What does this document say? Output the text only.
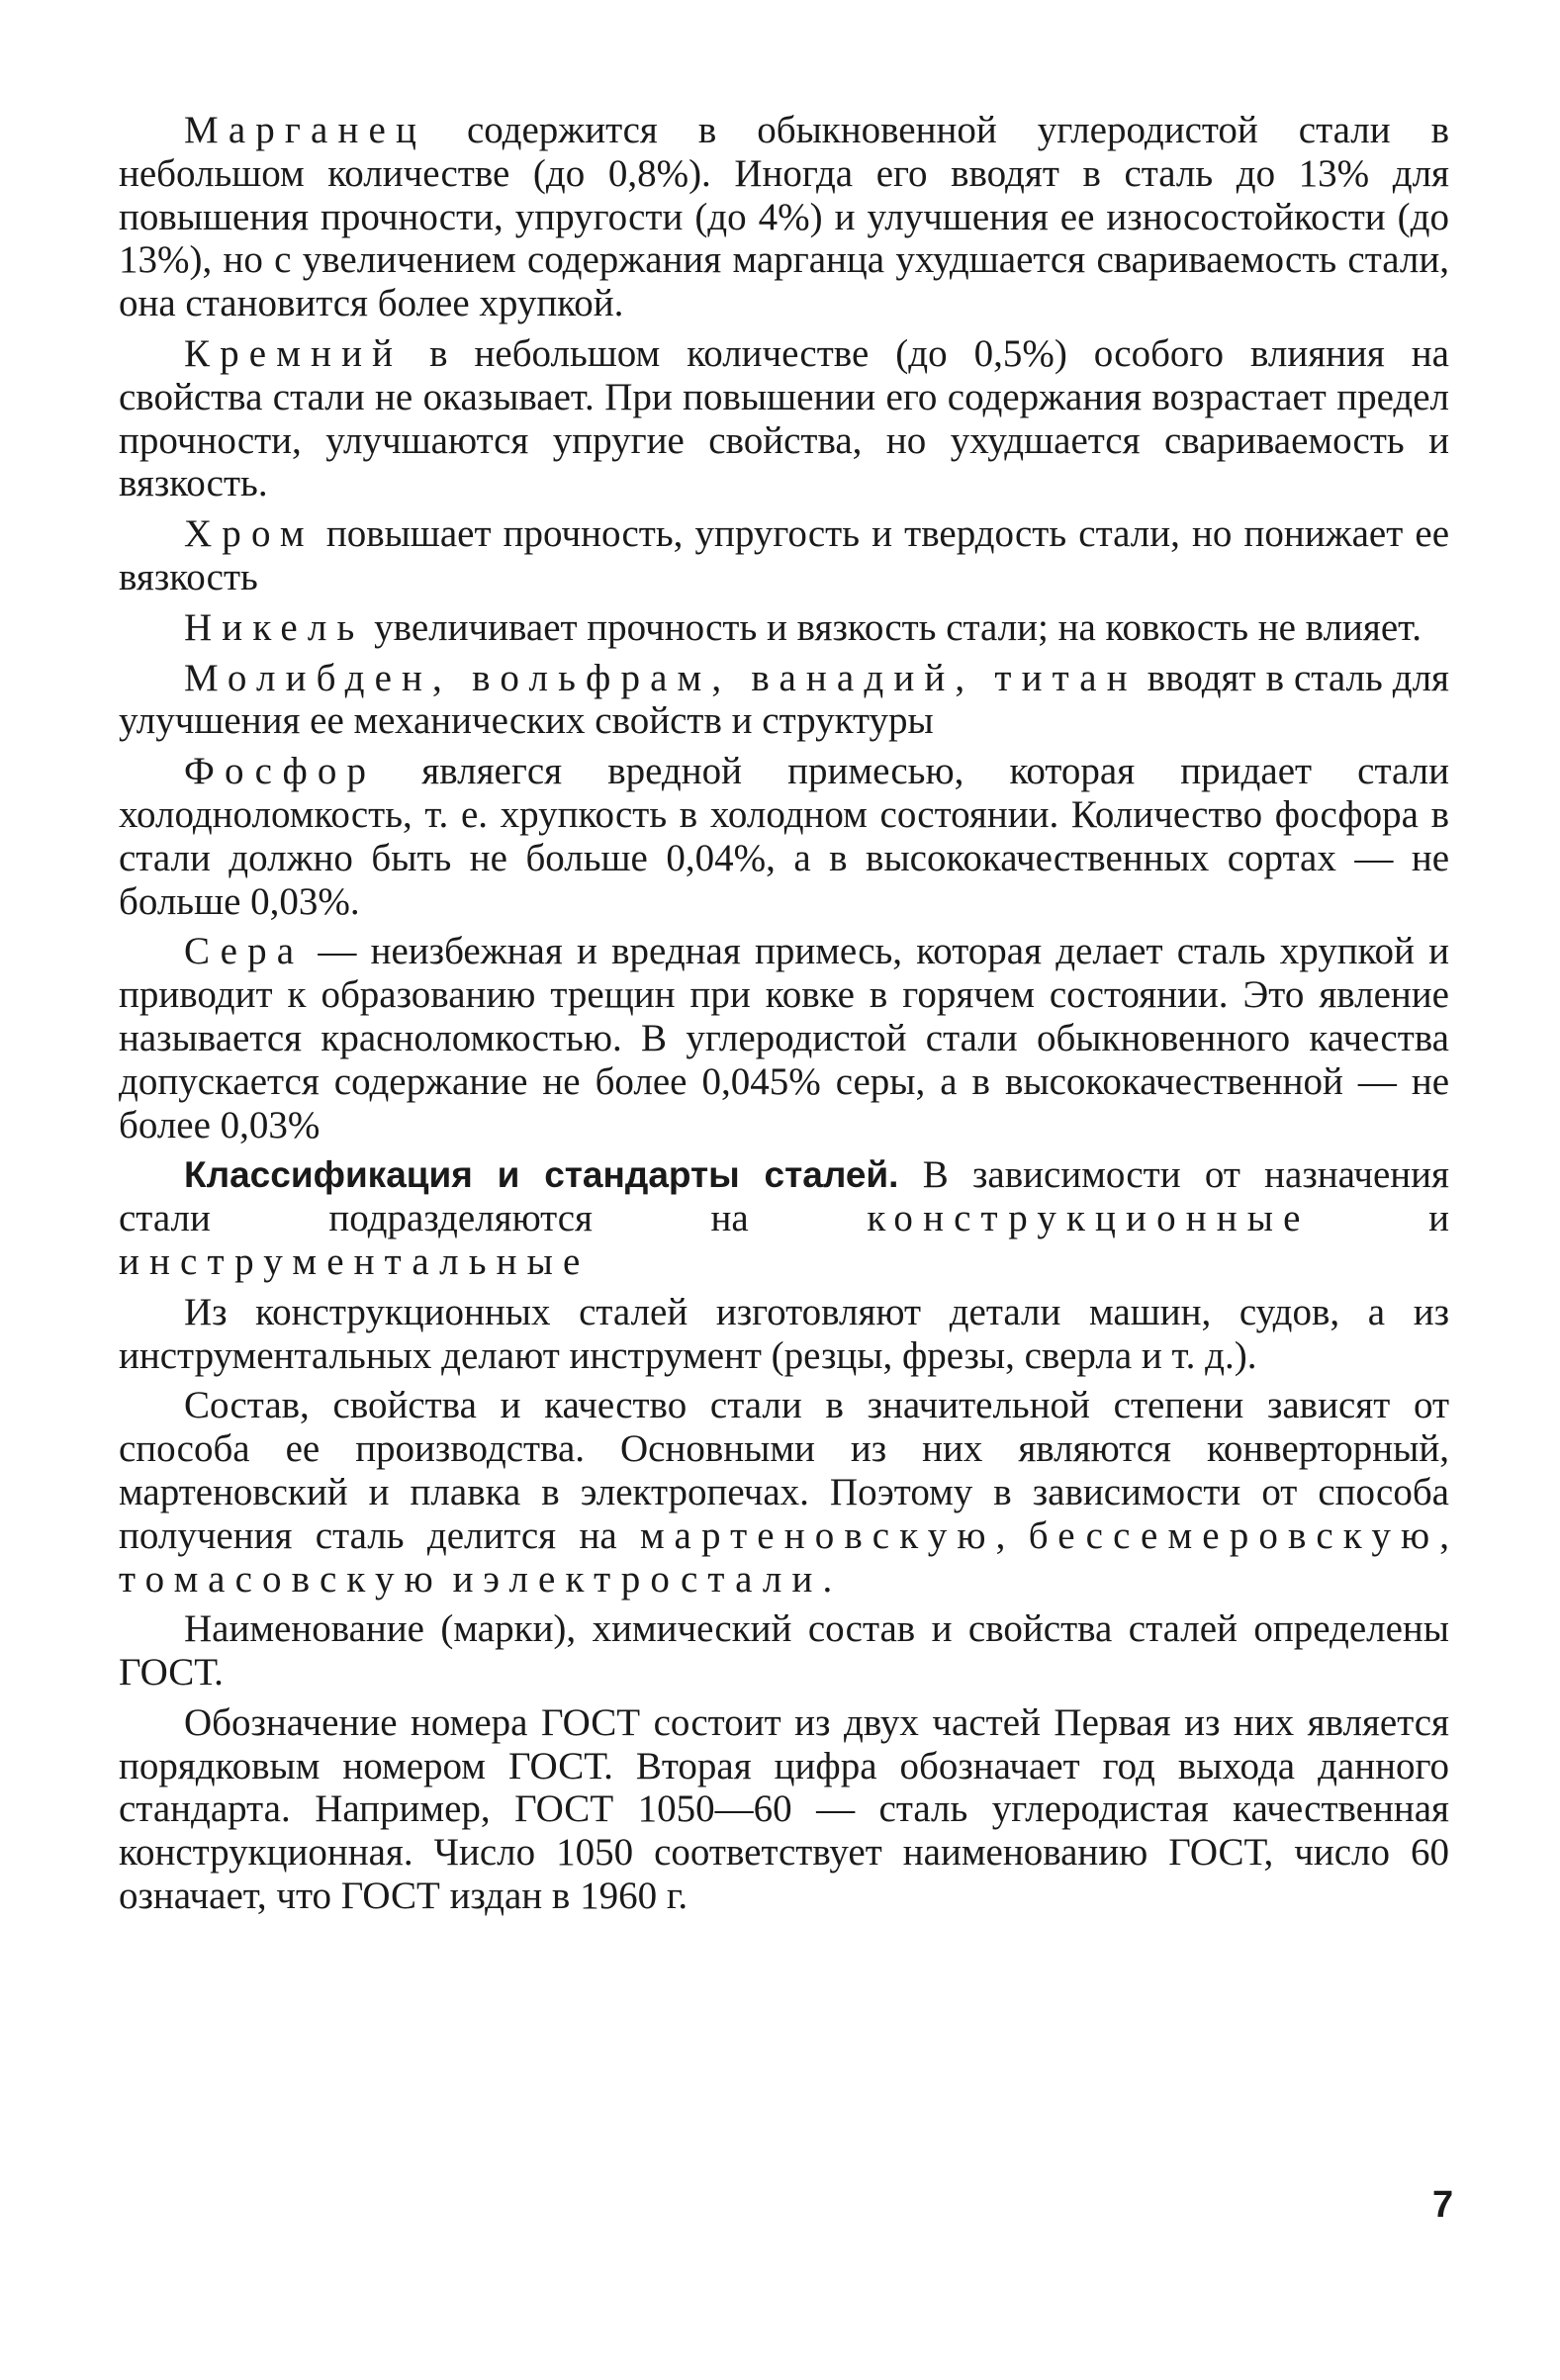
Марганец содержится в обыкновенной углеродистой стали в небольшом количестве (до 0,8%). Иногда его вводят в сталь до 13% для повышения прочности, упругости (до 4%) и улучшения ее износостойкости (до 13%), но с увеличением содержания марганца ухудшается свариваемость стали, она становится более хрупкой.

Кремний в небольшом количестве (до 0,5%) особого влияния на свойства стали не оказывает. При повышении его содержания возрастает предел прочности, улучшаются упругие свойства, но ухудшается свариваемость и вязкость.

Хром повышает прочность, упругость и твердость стали, но понижает ее вязкость

Никель увеличивает прочность и вязкость стали; на ковкость не влияет.

Молибден, вольфрам, ванадий, титан вводят в сталь для улучшения ее механических свойств и структуры

Фосфор являегся вредной примесью, которая придает стали холодноломкость, т. е. хрупкость в холодном состоянии. Количество фосфора в стали должно быть не больше 0,04%, а в высококачественных сортах — не больше 0,03%.

Сера — неизбежная и вредная примесь, которая делает сталь хрупкой и приводит к образованию трещин при ковке в горячем состоянии. Это явление называется красноломкостью. В углеродистой стали обыкновенного качества допускается содержание не более 0,045% серы, а в высококачественной — не более 0,03%

Классификация и стандарты сталей. В зависимости от назначения стали подразделяются на конструкционные и инструментальные

Из конструкционных сталей изготовляют детали машин, судов, а из инструментальных делают инструмент (резцы, фрезы, сверла и т. д.).

Состав, свойства и качество стали в значительной степени зависят от способа ее производства. Основными из них являются конверторный, мартеновский и плавка в электропечах. Поэтому в зависимости от способа получения сталь делится на мартеновскую, бессемеровскую, томасовскую и электростали.

Наименование (марки), химический состав и свойства сталей определены ГОСТ.

Обозначение номера ГОСТ состоит из двух частей Первая из них является порядковым номером ГОСТ. Вторая цифра обозначает год выхода данного стандарта. Например, ГОСТ 1050—60 — сталь углеродистая качественная конструкционная. Число 1050 соответствует наименованию ГОСТ, число 60 означает, что ГОСТ издан в 1960 г.

7
